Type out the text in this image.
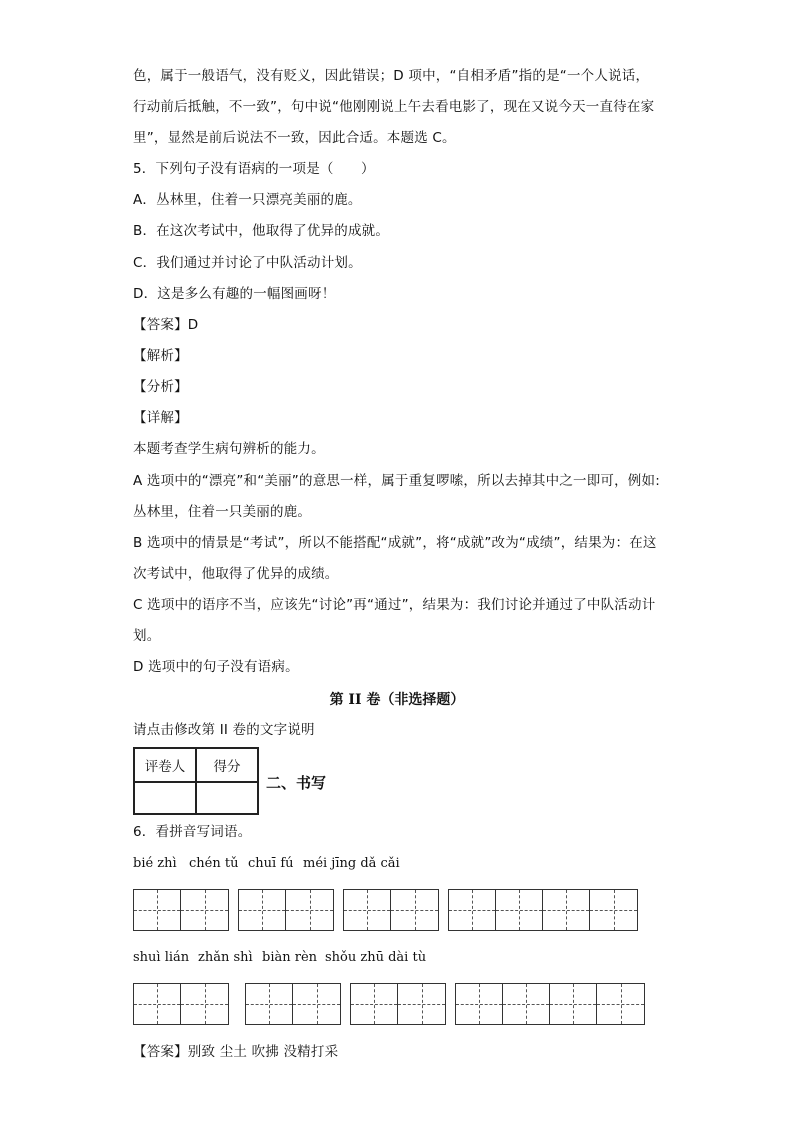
色，属于一般语气，没有贬义，因此错误；D 项中，“自相矛盾”指的是“一个人说话，
行动前后抵触，不一致”，句中说“他刚刚说上午去看电影了，现在又说今天一直待在家
里”，显然是前后说法不一致，因此合适。本题选 C。
5．下列句子没有语病的一项是（　　）
A．丛林里，住着一只漂亮美丽的鹿。
B．在这次考试中，他取得了优异的成就。
C．我们通过并讨论了中队活动计划。
D．这是多么有趣的一幅图画呀！
【答案】D
【解析】
【分析】
【详解】
本题考查学生病句辨析的能力。
A 选项中的“漂亮”和“美丽”的意思一样，属于重复啰嗦，所以去掉其中之一即可，例如:
丛林里，住着一只美丽的鹿。
B 选项中的情景是“考试”，所以不能搭配“成就”，将“成就”改为“成绩”，结果为：在这
次考试中，他取得了优异的成绩。
C 选项中的语序不当，应该先“讨论”再“通过”，结果为：我们讨论并通过了中队活动计
划。
D 选项中的句子没有语病。
第 II 卷（非选择题）
请点击修改第 II 卷的文字说明
评卷人	得分

二、书写
6．看拼音写词语。
bié zhì chén tǔ chuī fú méi jīng dǎ cǎi
shuì lián zhǎn shì biàn rèn shǒu zhū dài tù
【答案】别致 尘土 吹拂 没精打采
